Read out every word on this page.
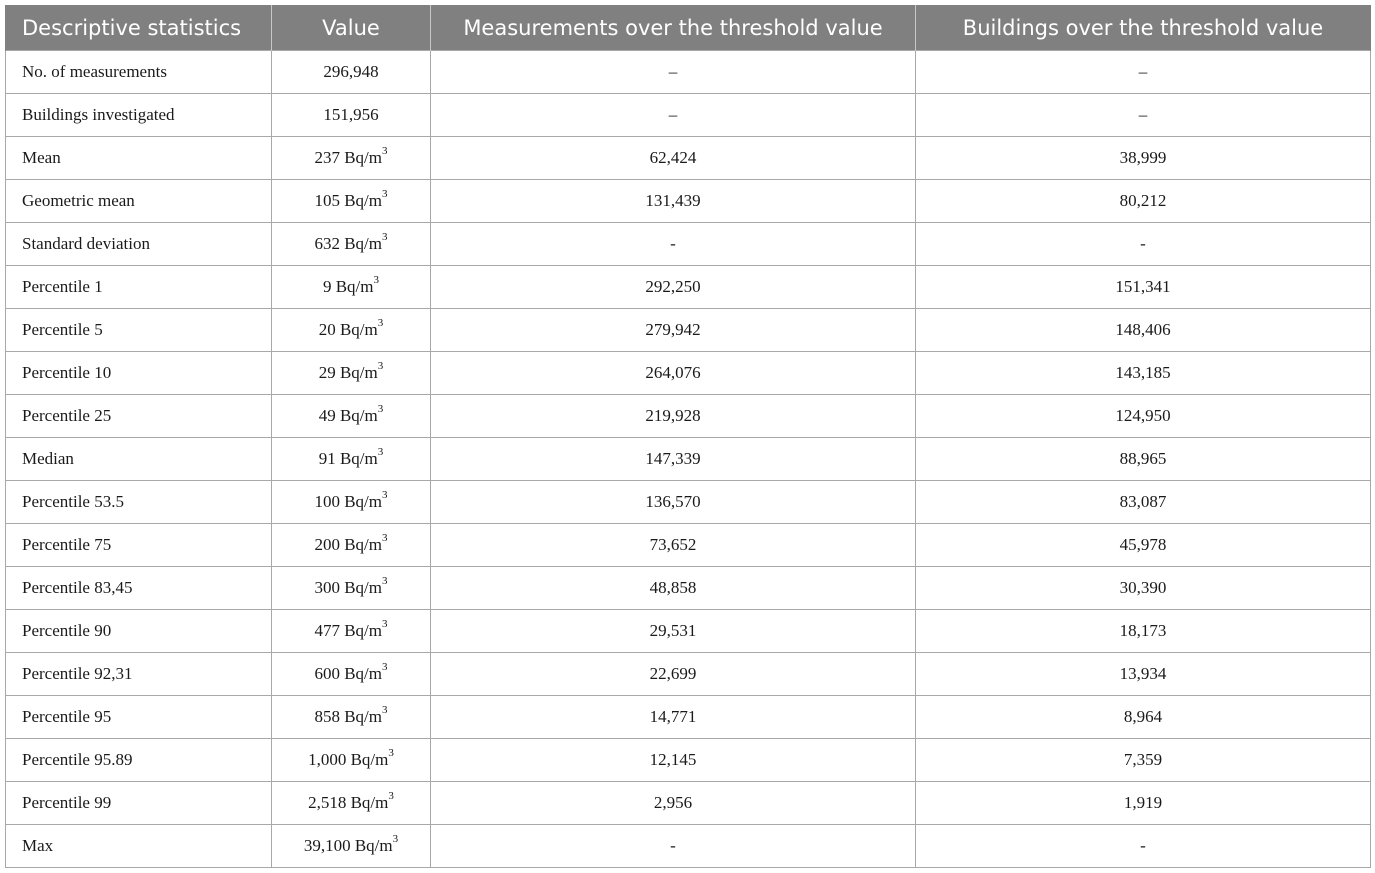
Descriptive statistics	Value	Measurements over the threshold value	Buildings over the threshold value
No. of measurements	296,948	–	–
Buildings investigated	151,956	–	–
Mean	237 $Bq/m^3$	62,424	38,999
Geometric mean	105 $Bq/m^3$	131,439	80,212
Standard deviation	632 $Bq/m^3$	-	-
Percentile 1	9 $Bq/m^3$	292,250	151,341
Percentile 5	20 $Bq/m^3$	279,942	148,406
Percentile 10	29 $Bq/m^3$	264,076	143,185
Percentile 25	49 $Bq/m^3$	219,928	124,950
Median	91 $Bq/m^3$	147,339	88,965
Percentile 53.5	100 $Bq/m^3$	136,570	83,087
Percentile 75	200 $Bq/m^3$	73,652	45,978
Percentile 83,45	300 $Bq/m^3$	48,858	30,390
Percentile 90	477 $Bq/m^3$	29,531	18,173
Percentile 92,31	600 $Bq/m^3$	22,699	13,934
Percentile 95	858 $Bq/m^3$	14,771	8,964
Percentile 95.89	1,000 $Bq/m^3$	12,145	7,359
Percentile 99	2,518 $Bq/m^3$	2,956	1,919
Max	39,100 $Bq/m^3$	-	-
